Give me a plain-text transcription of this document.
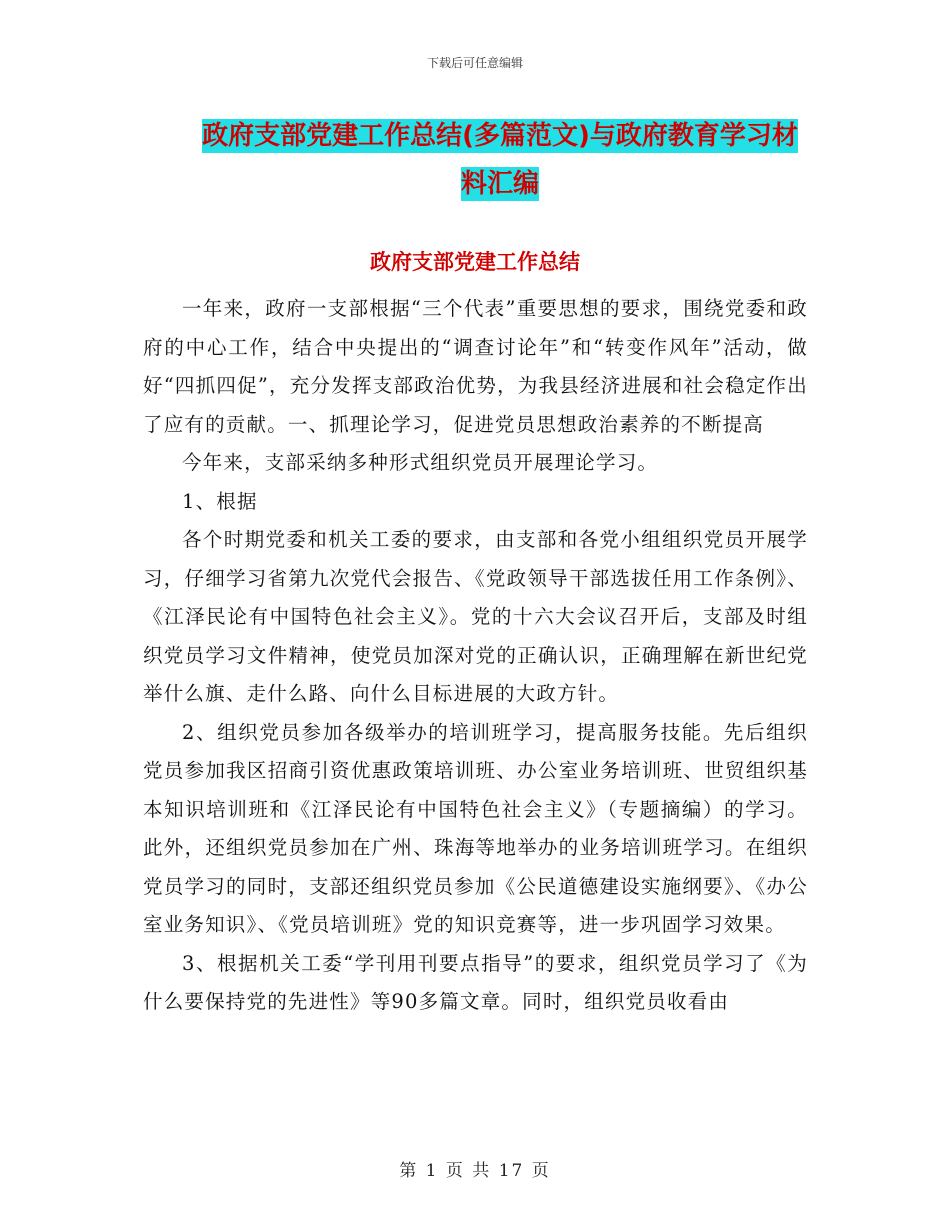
下载后可任意编辑
政府支部党建工作总结(多篇范文)与政府教育学习材
料汇编
政府支部党建工作总结

一年来，政府一支部根据“三个代表”重要思想的要求，围绕党委和政府的中心工作，结合中央提出的“调查讨论年”和“转变作风年”活动，做好“四抓四促”，充分发挥支部政治优势，为我县经济进展和社会稳定作出了应有的贡献。一、抓理论学习，促进党员思想政治素养的不断提高

今年来，支部采纳多种形式组织党员开展理论学习。

1、根据

各个时期党委和机关工委的要求，由支部和各党小组组织党员开展学习，仔细学习省第九次党代会报告、《党政领导干部选拔任用工作条例》、《江泽民论有中国特色社会主义》。党的十六大会议召开后，支部及时组织党员学习文件精神，使党员加深对党的正确认识，正确理解在新世纪党举什么旗、走什么路、向什么目标进展的大政方针。

2、组织党员参加各级举办的培训班学习，提高服务技能。先后组织党员参加我区招商引资优惠政策培训班、办公室业务培训班、世贸组织基本知识培训班和《江泽民论有中国特色社会主义》（专题摘编）的学习。此外，还组织党员参加在广州、珠海等地举办的业务培训班学习。在组织党员学习的同时，支部还组织党员参加《公民道德建设实施纲要》、《办公室业务知识》、《党员培训班》党的知识竞赛等，进一步巩固学习效果。

3、根据机关工委“学刊用刊要点指导”的要求，组织党员学习了《为什么要保持党的先进性》等90多篇文章。同时，组织党员收看由

第 1 页 共 17 页
